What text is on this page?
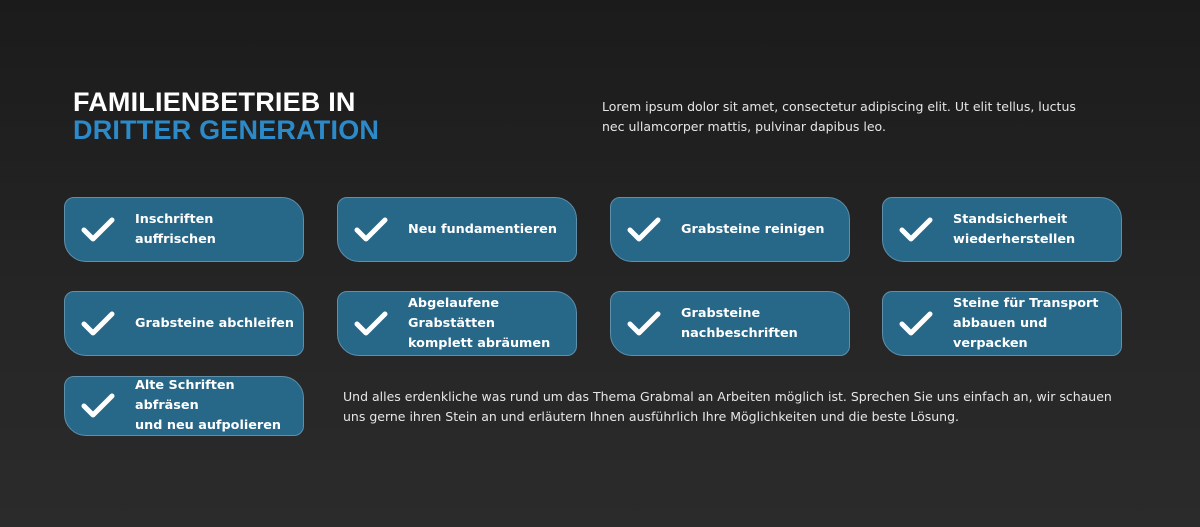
FAMILIENBETRIEB IN
DRITTER GENERATION

Lorem ipsum dolor sit amet, consectetur adipiscing elit. Ut elit tellus, luctus nec ullamcorper mattis, pulvinar dapibus leo.

Inschriften auffrischen
Neu fundamentieren	Grabsteine reinigen
Standsicherheit
wiederherstellen
Grabsteine abchleifen
Abgelaufene Grabstätten
komplett abräumen
Grabsteine
nachbeschriften
Steine für Transport
abbauen und verpacken
Alte Schriften abfräsen
und neu aufpolieren

Und alles erdenkliche was rund um das Thema Grabmal an Arbeiten möglich ist. Sprechen Sie uns einfach an, wir schauen uns gerne ihren Stein an und erläutern Ihnen ausführlich Ihre Möglichkeiten und die beste Lösung.
